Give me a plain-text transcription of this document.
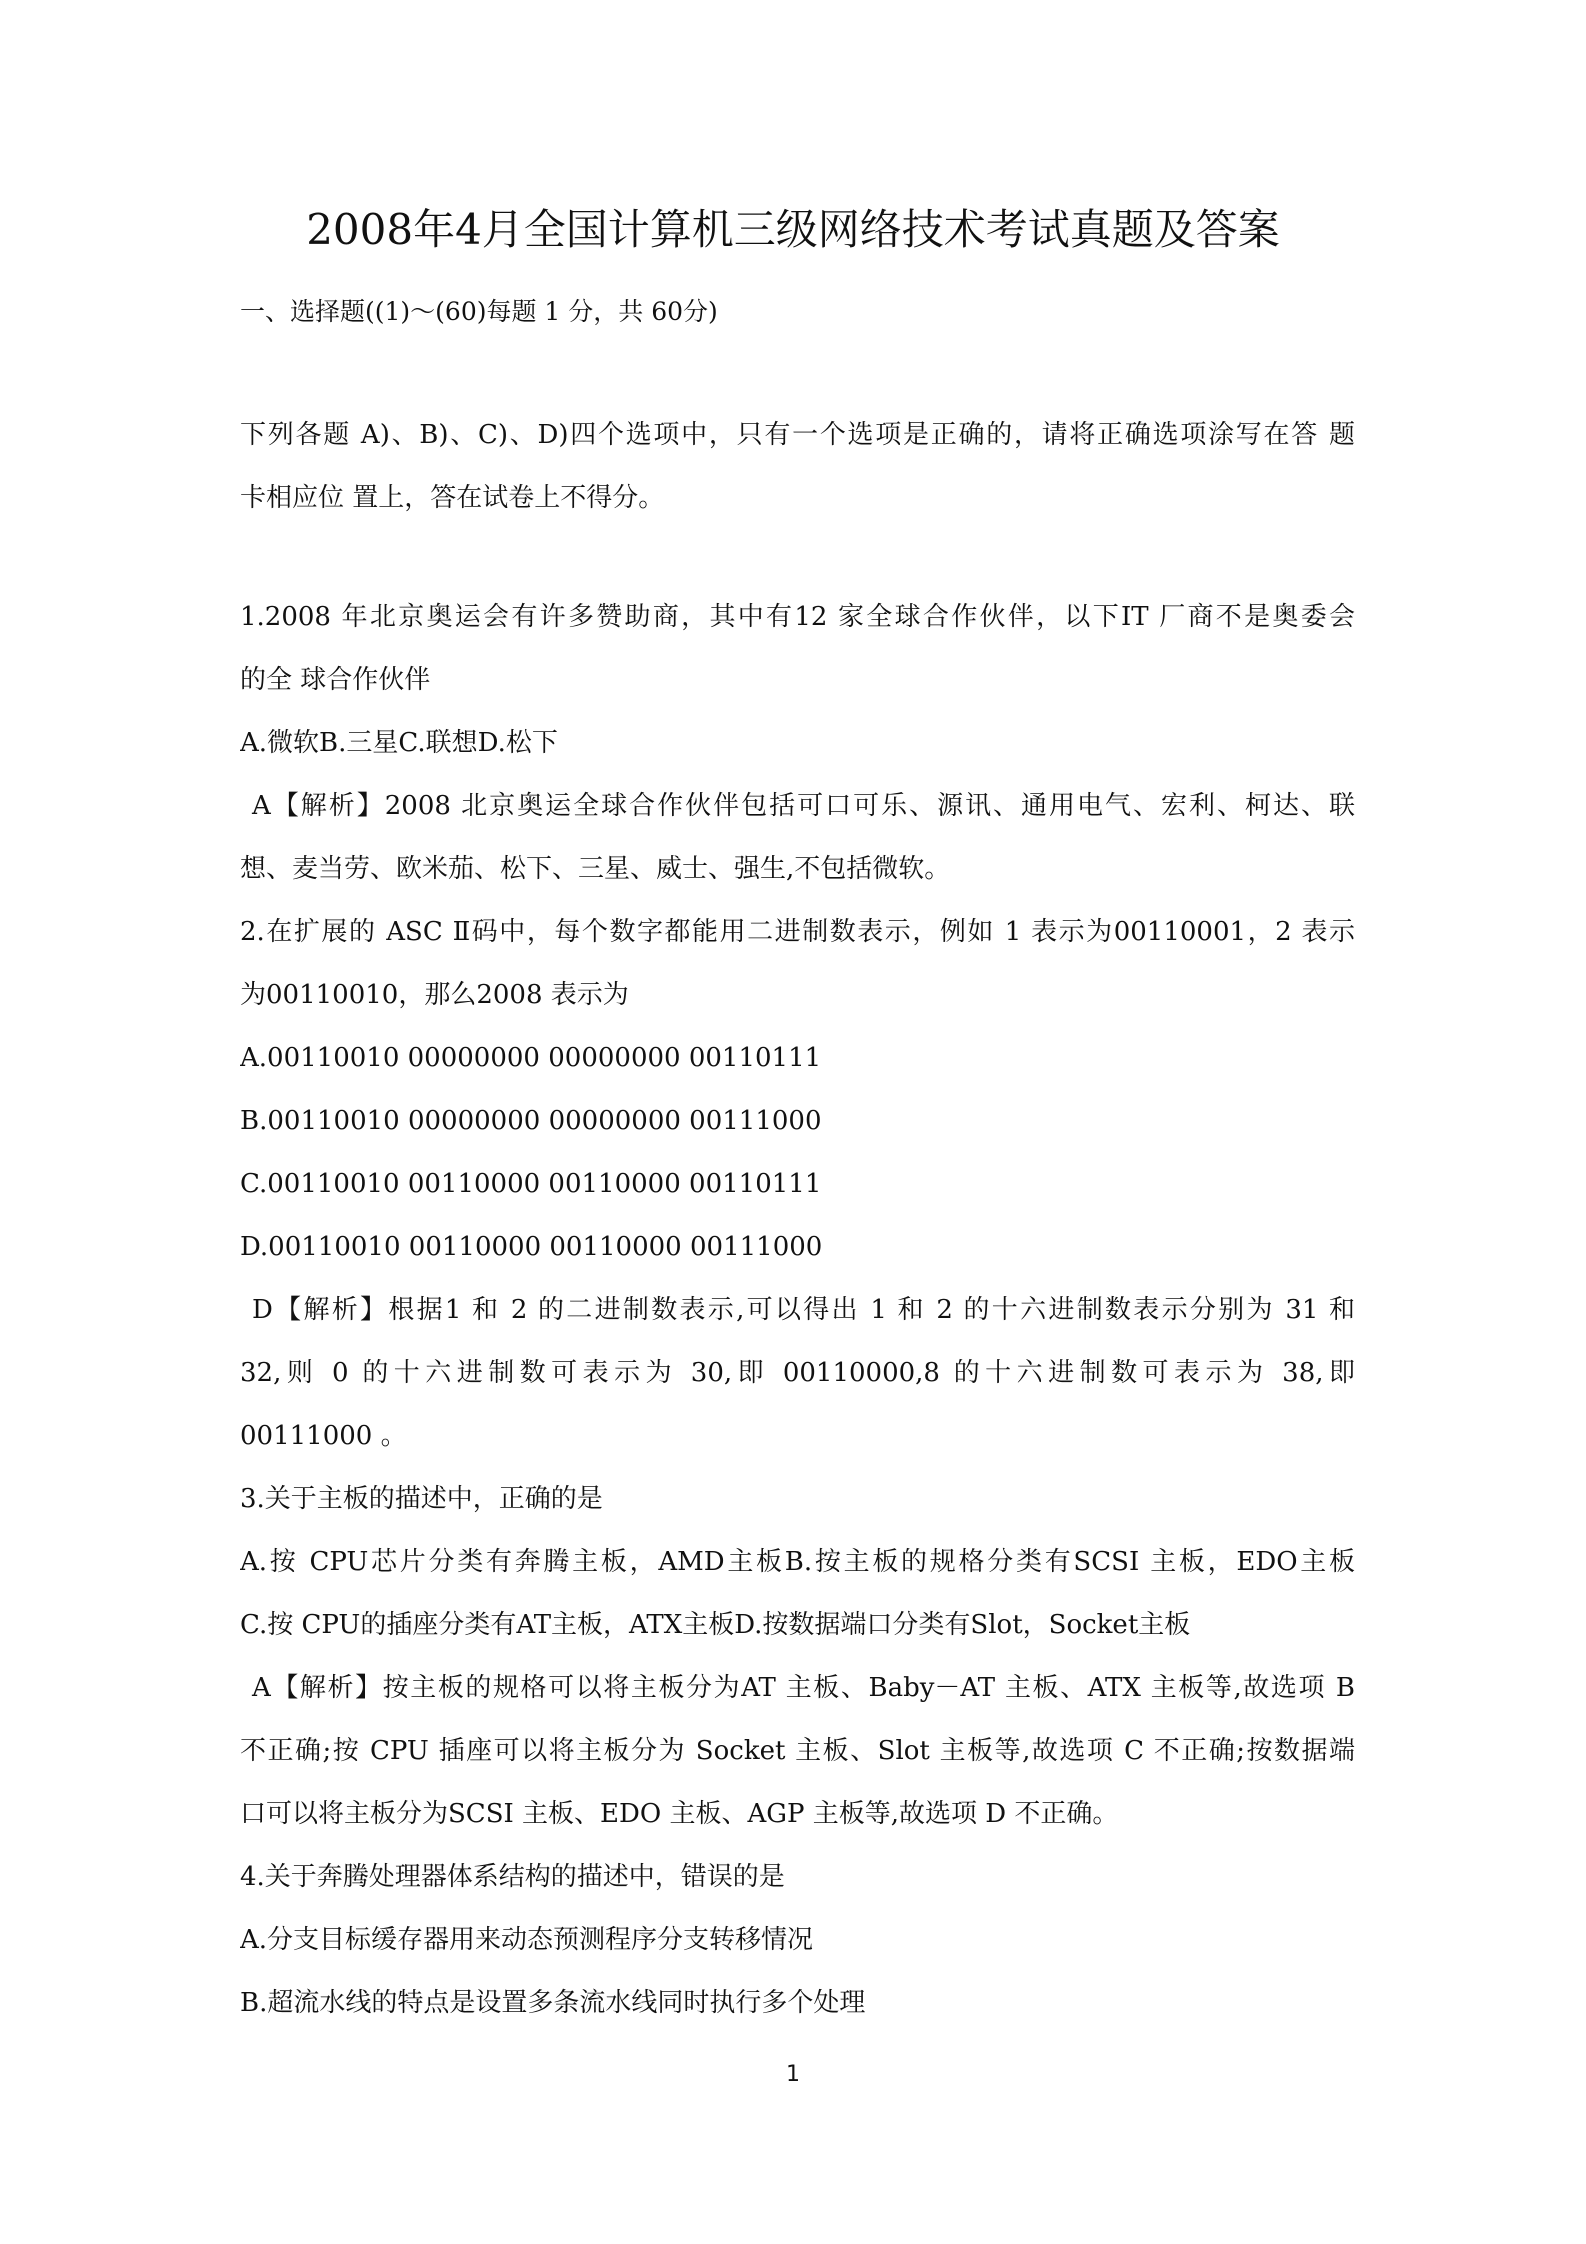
2008年4月全国计算机三级网络技术考试真题及答案
一、选择题((1)～(60)每题 1 分，共 60分)
下列各题 A)、B)、C)、D)四个选项中，只有一个选项是正确的，请将正确选项涂写在答 题
卡相应位 置上，答在试卷上不得分。
1.2008 年北京奥运会有许多赞助商，其中有12 家全球合作伙伴，以下IT 厂商不是奥委会
的全 球合作伙伴
A.微软B.三星C.联想D.松下
A【解析】2008 北京奥运全球合作伙伴包括可口可乐、源讯、通用电气、宏利、柯达、联
想、麦当劳、欧米茄、松下、三星、威士、强生,不包括微软。
2.在扩展的 ASC Ⅱ码中，每个数字都能用二进制数表示，例如 1 表示为00110001，2 表示
为00110010，那么2008 表示为
A.00110010 00000000 00000000 00110111
B.00110010 00000000 00000000 00111000
C.00110010 00110000 00110000 00110111
D.00110010 00110000 00110000 00111000
D【解析】根据1 和 2 的二进制数表示,可以得出 1 和 2 的十六进制数表示分别为 31 和
32,则 0 的十六进制数可表示为 30,即 00110000,8 的十六进制数可表示为 38,即
00111000 。
3.关于主板的描述中，正确的是
A.按 CPU芯片分类有奔腾主板，AMD主板B.按主板的规格分类有SCSI 主板，EDO主板
C.按 CPU的插座分类有AT主板，ATX主板D.按数据端口分类有Slot，Socket主板
A【解析】按主板的规格可以将主板分为AT 主板、Baby－AT 主板、ATX 主板等,故选项 B
不正确;按 CPU 插座可以将主板分为 Socket 主板、Slot 主板等,故选项 C 不正确;按数据端
口可以将主板分为SCSI 主板、EDO 主板、AGP 主板等,故选项 D 不正确。
4.关于奔腾处理器体系结构的描述中，错误的是
A.分支目标缓存器用来动态预测程序分支转移情况
B.超流水线的特点是设置多条流水线同时执行多个处理
1
